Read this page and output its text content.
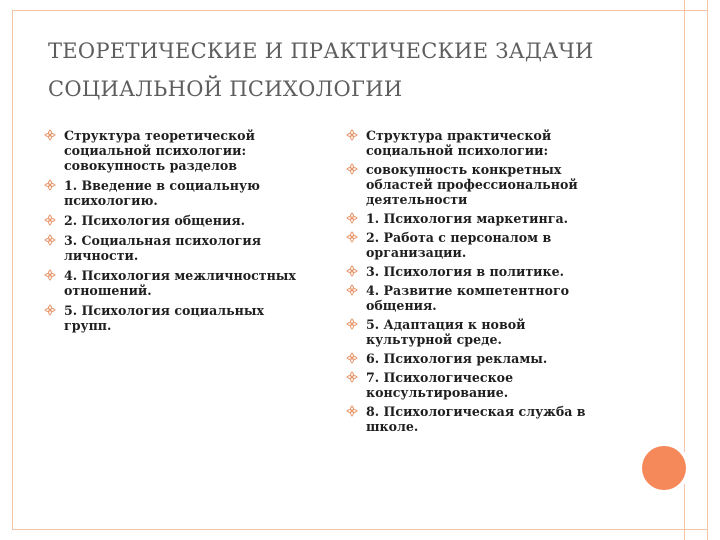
ТЕОРЕТИЧЕСКИЕ И ПРАКТИЧЕСКИЕ ЗАДАЧИ
СОЦИАЛЬНОЙ ПСИХОЛОГИИ
Структура теоретической социальной психологии: совокупность разделов
1. Введение в социальную психологию.
2. Психология общения.
3. Социальная психология личности.
4. Психология межличностных отношений.
5. Психология социальных групп.
Структура практической социальной психологии:
совокупность конкретных областей профессиональной деятельности
1. Психология маркетинга.
2. Работа с персоналом в организации.
3. Психология в политике.
4. Развитие компетентного общения.
5. Адаптация к новой культурной среде.
6. Психология рекламы.
7. Психологическое консультирование.
8. Психологическая служба в школе.
